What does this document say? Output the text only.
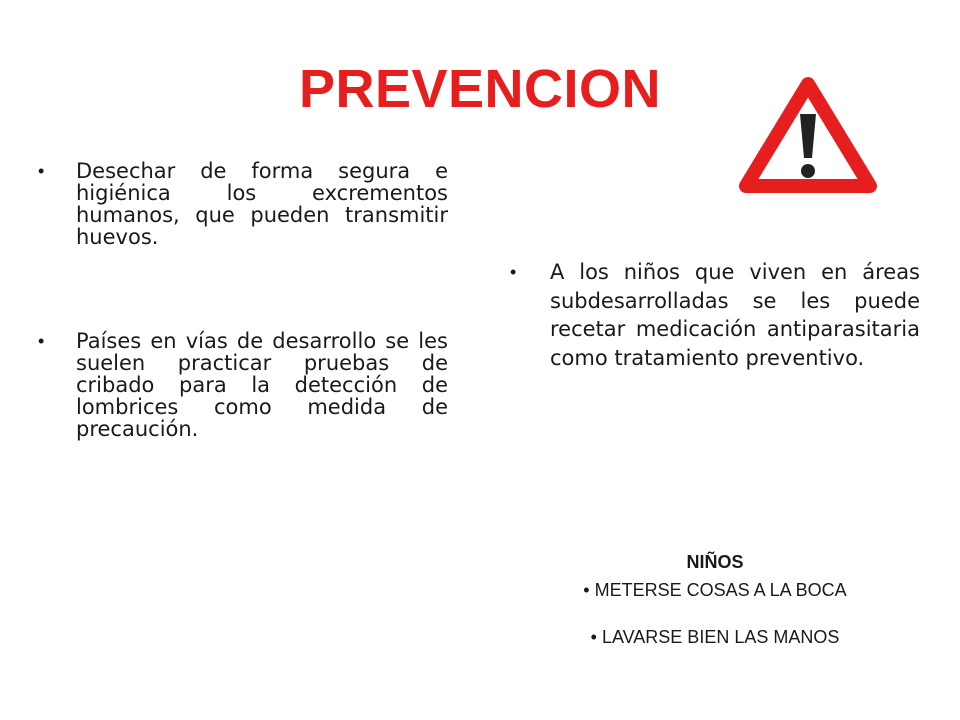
PREVENCION
• Desechar de forma segura e higiénica los excrementos humanos, que pueden transmitir huevos.
• Países en vías de desarrollo se les suelen practicar pruebas de cribado para la detección de lombrices como medida de precaución.
• A los niños que viven en áreas subdesarrolladas se les puede recetar medicación antiparasitaria como tratamiento preventivo.
NIÑOS
• METERSE COSAS A LA BOCA
• LAVARSE BIEN LAS MANOS
